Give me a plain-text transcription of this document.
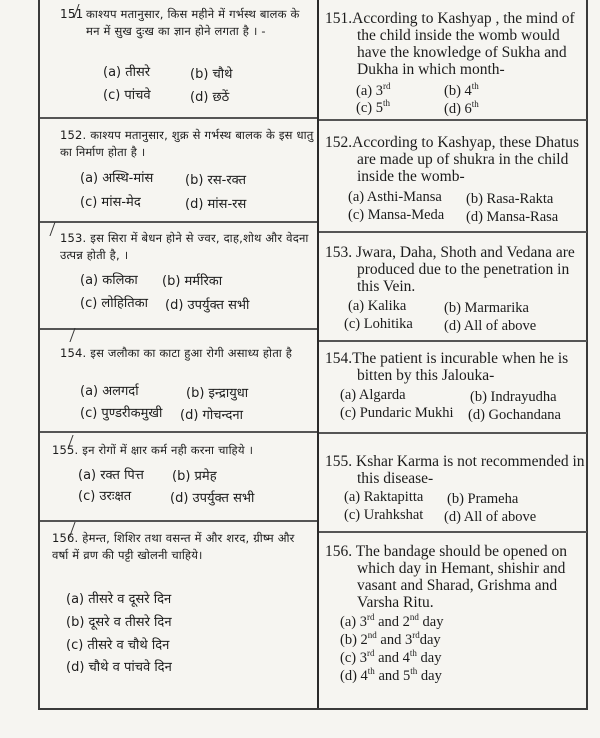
151 काश्यप मतानुसार, किस महीने में गर्भस्थ बालक के मन में सुख दुःख का ज्ञान होने लगता है । -
(a) तीसरे	(b) चौथे
(c) पांचवे	(d) छठें

151.According to Kashyap , the mind of the child inside the womb would have the knowledge of Sukha and Dukha in which month-

(a) 3rd	(b) 4th
(c) 5th	(d) 6th
152. काश्यप मतानुसार, शुक्र से गर्भस्थ बालक के इस धातु का निर्माण होता है ।
(a) अस्थि-मांस (b) रस-रक्त
(c) मांस-मेद	(d) मांस-रस

152.According to Kashyap, these Dhatus are made up of shukra in the child inside the womb-

(a) Asthi-Mansa (b) Rasa-Rakta
(c) Mansa-Meda (d) Mansa-Rasa
153. इस सिरा में बेधन होने से ज्वर, दाह,शोथ और वेदना उत्पन्न होती है, ।
(a) कलिका (b) मर्मरिका
(c) लोहितिका (d) उपर्युक्त सभी

153. Jwara, Daha, Shoth and Vedana are produced due to the penetration in this Vein.

(a) Kalika	(b) Marmarika
(c) Lohitika (d) All of above
154. इस जलौका का काटा हुआ रोगी असाध्य होता है
(a) अलगर्दा	(b) इन्द्रायुधा
(c) पुण्डरीकमुखी (d) गोचन्दना

154.The patient is incurable when he is bitten by this Jalouka-

(a) Algarda	(b) Indrayudha
(c) Pundaric Mukhi (d) Gochandana
155. इन रोगों में क्षार कर्म नही करना चाहिये ।
(a) रक्त पित्त (b) प्रमेह
(c) उरःक्षत	(d) उपर्युक्त सभी

155. Kshar Karma is not recommended in this disease-

(a) Raktapitta (b) Prameha
(c) Urahkshat (d) All of above
156. हेमन्त, शिशिर तथा वसन्त में और शरद, ग्रीष्म और वर्षा में व्रण की पट्टी खोलनी चाहिये।
(a) तीसरे व दूसरे दिन
(b) दूसरे व तीसरे दिन
(c) तीसरे व चौथे दिन
(d) चौथे व पांचवे दिन

156. The bandage should be opened on which day in Hemant, shishir and vasant and Sharad, Grishma and Varsha Ritu.

(a) 3rd and 2nd day
(b) 2nd and 3rdday
(c) 3rd and 4th day
(d) 4th and 5th day
